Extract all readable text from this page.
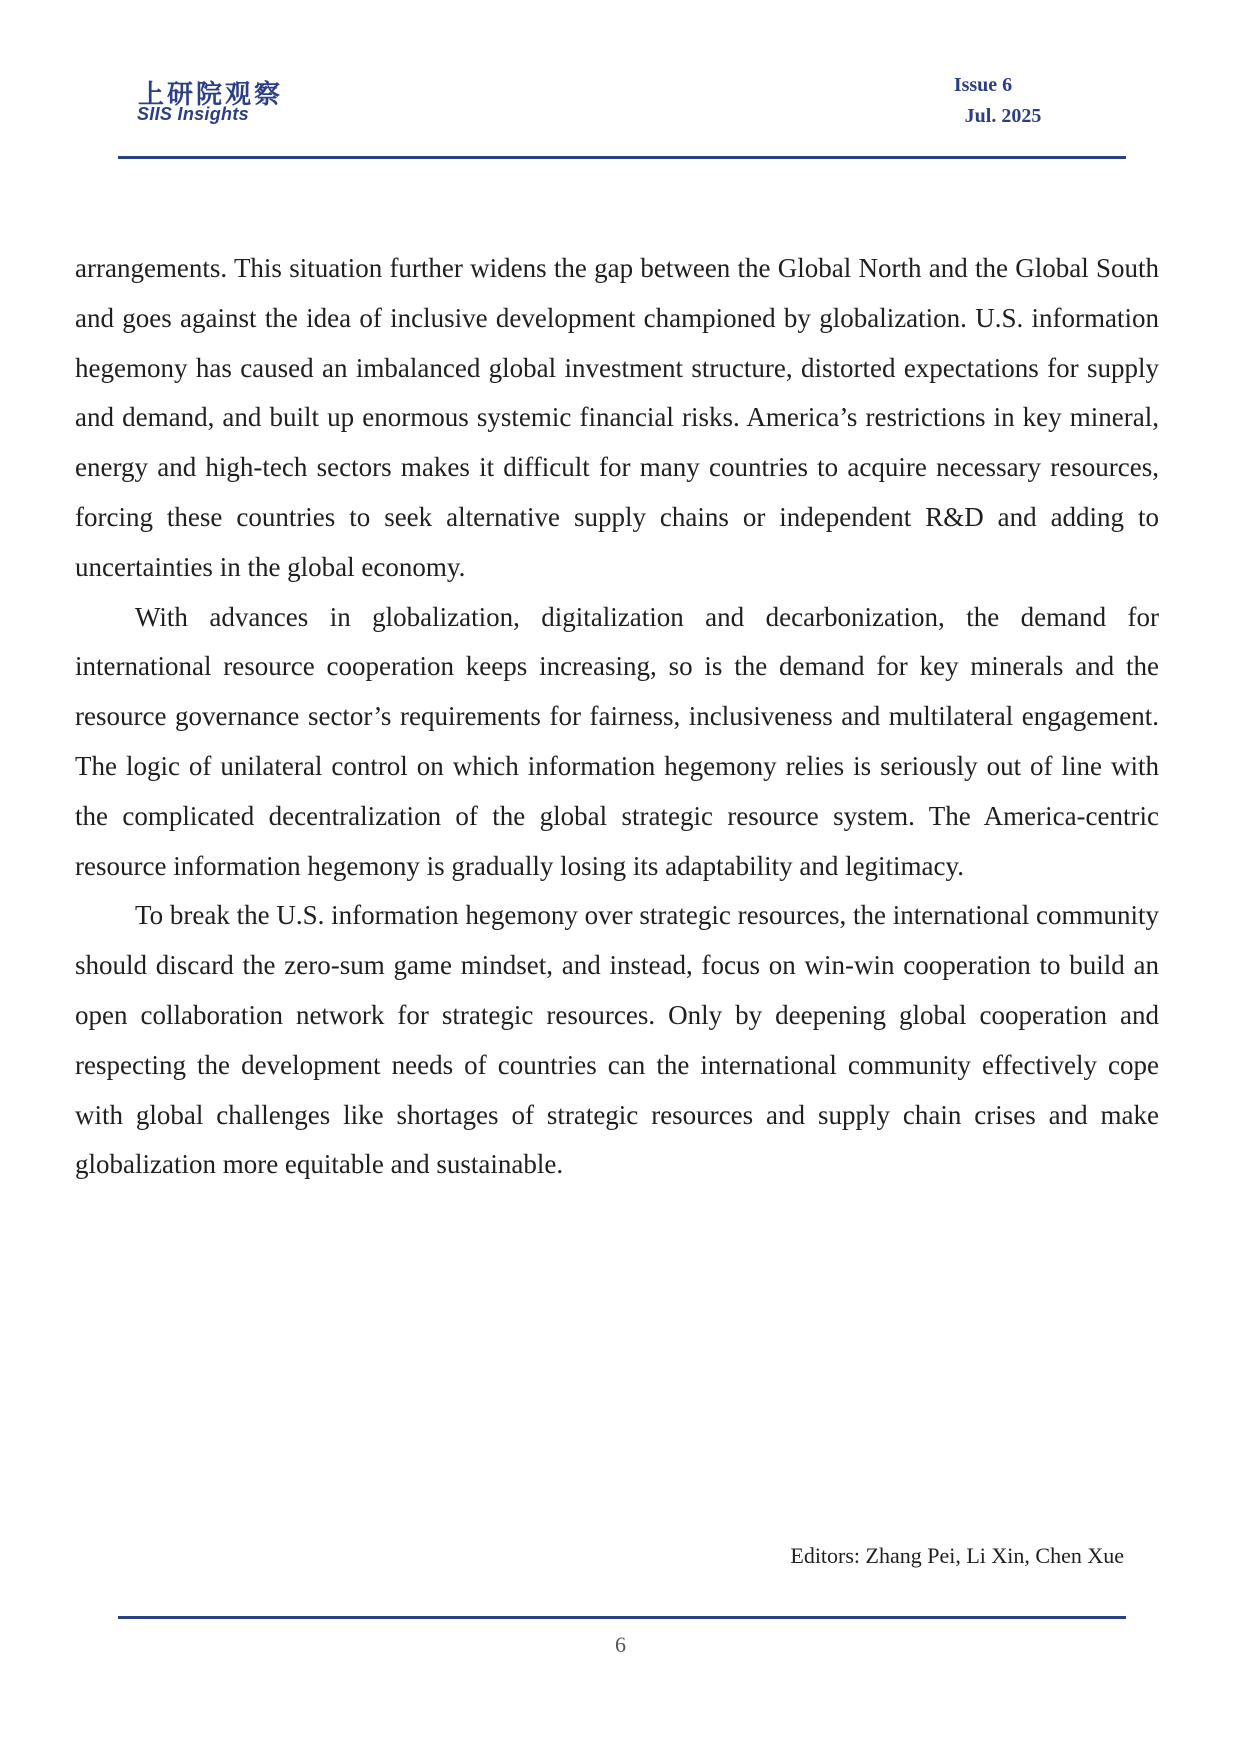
上研院观察
SIIS Insights
Issue 6
Jul. 2025

arrangements. This situation further widens the gap between the Global North and the Global South and goes against the idea of inclusive development championed by globalization. U.S. information hegemony has caused an imbalanced global investment structure, distorted expectations for supply and demand, and built up enormous systemic financial risks. America’s restrictions in key mineral, energy and high-tech sectors makes it difficult for many countries to acquire necessary resources, forcing these countries to seek alternative supply chains or independent R&D and adding to uncertainties in the global economy.

With advances in globalization, digitalization and decarbonization, the demand for international resource cooperation keeps increasing, so is the demand for key minerals and the resource governance sector’s requirements for fairness, inclusiveness and multilateral engagement. The logic of unilateral control on which information hegemony relies is seriously out of line with the complicated decentralization of the global strategic resource system. The America-centric resource information hegemony is gradually losing its adaptability and legitimacy.

To break the U.S. information hegemony over strategic resources, the international community should discard the zero-sum game mindset, and instead, focus on win-win cooperation to build an open collaboration network for strategic resources. Only by deepening global cooperation and respecting the development needs of countries can the international community effectively cope with global challenges like shortages of strategic resources and supply chain crises and make globalization more equitable and sustainable.

Editors: Zhang Pei, Li Xin, Chen Xue
6
